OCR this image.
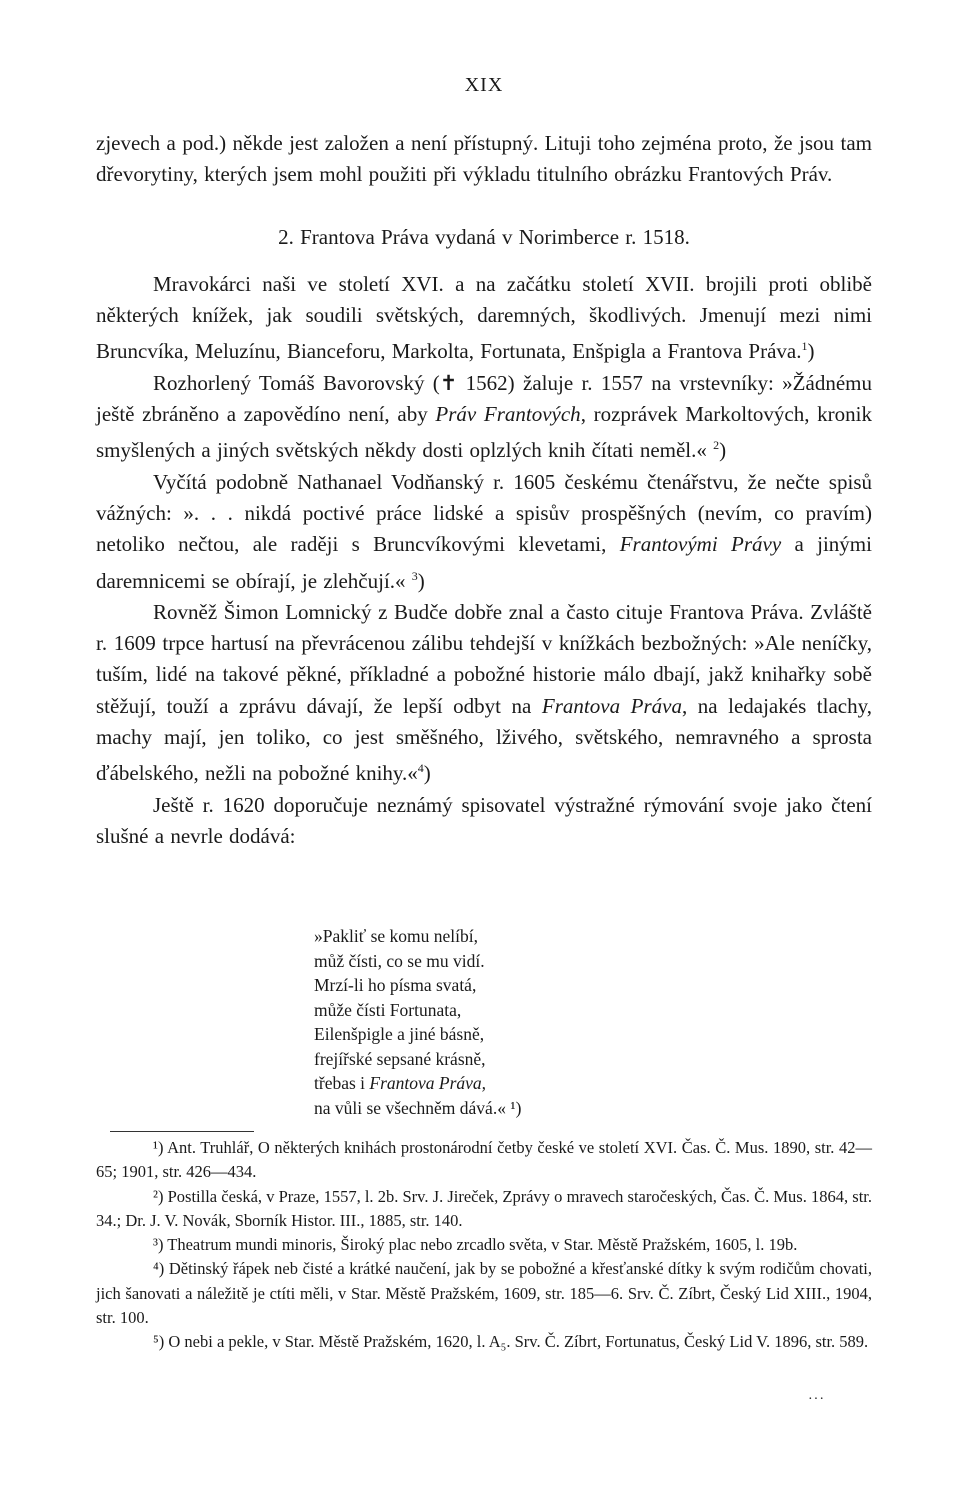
XIX

zjevech a pod.) někde jest založen a není přístupný. Lituji toho zejména proto, že jsou tam dřevorytiny, kterých jsem mohl použiti při výkladu titulního obrázku Frantových Práv.

2. Frantova Práva vydaná v Norimberce r. 1518.

Mravokárci naši ve století XVI. a na začátku století XVII. brojili proti oblibě některých knížek, jak soudili světských, daremných, škodlivých. Jmenují mezi nimi Bruncvíka, Meluzínu, Bianceforu, Markolta, Fortunata, Enšpigla a Frantova Práva.$^1$)

Rozhorlený Tomáš Bavorovský (✝ 1562) žaluje r. 1557 na vrstevníky: »Žádnému ještě zbráněno a zapovědíno není, aby Práv Frantových, rozprávek Markoltových, kronik smyšlených a jiných světských někdy dosti oplzlých knih čítati neměl.« $^2$)

Vyčítá podobně Nathanael Vodňanský r. 1605 českému čtenářstvu, že nečte spisů vážných: ». . . nikdá poctivé práce lidské a spisův prospěšných (nevím, co pravím) netoliko nečtou, ale raději s Bruncvíkovými klevetami, Frantovými Právy a jinými daremnicemi se obírají, je zlehčují.« $^3$)

Rovněž Šimon Lomnický z Budče dobře znal a často cituje Frantova Práva. Zvláště r. 1609 trpce hartusí na převrácenou zálibu tehdejší v knížkách bezbožných: »Ale neníčky, tuším, lidé na takové pěkné, příkladné a pobožné historie málo dbají, jakž knihařky sobě stěžují, touží a zprávu dávají, že lepší odbyt na Frantova Práva, na ledajakés tlachy, machy mají, jen toliko, co jest směšného, lživého, světského, nemravného a sprosta ďábelského, nežli na pobožné knihy.«$^4$)

Ještě r. 1620 doporučuje neznámý spisovatel výstražné rýmování svoje jako čtení slušné a nevrle dodává:

»Pakliť se komu nelíbí,
můž čísti, co se mu vidí.
Mrzí-li ho písma svatá,
může čísti Fortunata,
Eilenšpigle a jiné básně,
frejířské sepsané krásně,
třebas i Frantova Práva,
na vůli se všechněm dává.« ¹)

¹) Ant. Truhlář, O některých knihách prostonárodní četby české ve století XVI. Čas. Č. Mus. 1890, str. 42—65; 1901, str. 426—434.

²) Postilla česká, v Praze, 1557, l. 2b. Srv. J. Jireček, Zprávy o mravech staročeských, Čas. Č. Mus. 1864, str. 34.; Dr. J. V. Novák, Sborník Histor. III., 1885, str. 140.

³) Theatrum mundi minoris, Široký plac nebo zrcadlo světa, v Star. Městě Pražském, 1605, l. 19b.

⁴) Dětinský řápek neb čisté a krátké naučení, jak by se pobožné a křesťanské dítky k svým rodičům chovati, jich šanovati a náležitě je ctíti měli, v Star. Městě Pražském, 1609, str. 185—6. Srv. Č. Zíbrt, Český Lid XIII., 1904, str. 100.

⁵) O nebi a pekle, v Star. Městě Pražském, 1620, l. A₅. Srv. Č. Zíbrt, Fortunatus, Český Lid V. 1896, str. 589.

···
